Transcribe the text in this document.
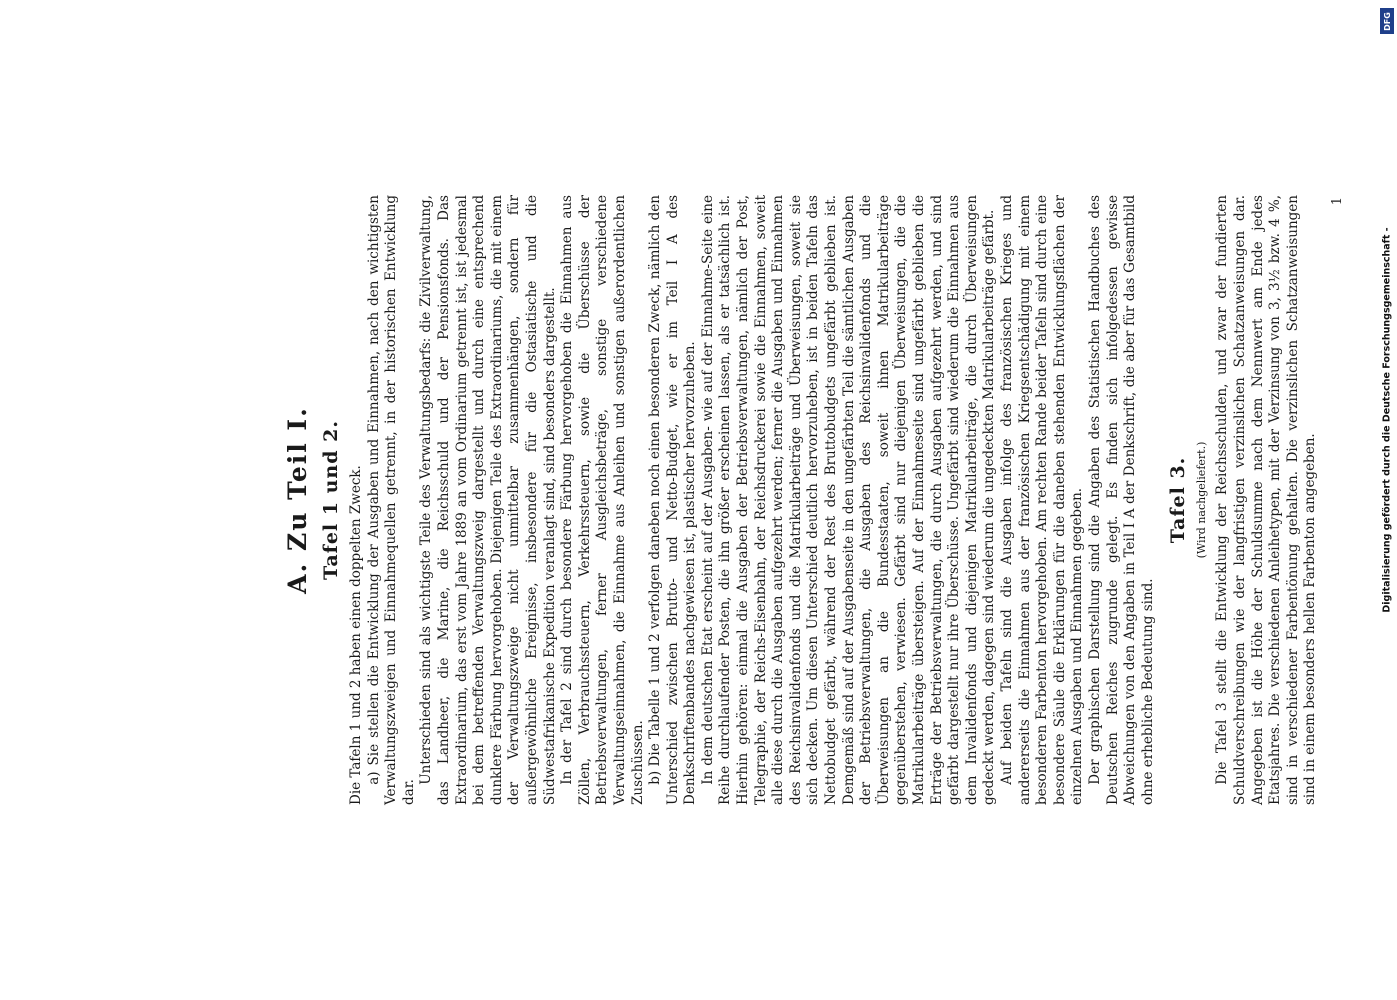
A. Zu Teil I. Tafel 1 und 2. Die Tafeln 1 und 2 haben einen doppelten Zweck. a) Sie stellen die Entwicklung der Ausgaben und Einnahmen, nach den wichtigsten Verwaltungszweigen und Einnahmequellen getrennt, in der historischen Entwicklung dar.

Unterschieden sind als wichtigste Teile des Verwaltungsbedarfs: die Zivilverwaltung, das Landheer, die Marine, die Reichsschuld und der Pensionsfonds. Das Extraordinarium, das erst vom Jahre 1889 an vom Ordinarium getrennt ist, ist jedesmal bei dem betreffenden Verwaltungszweig dargestellt und durch eine entsprechend dunklere Färbung hervorgehoben. Diejenigen Teile des Extraordinariums, die mit einem der Verwaltungszweige nicht unmittelbar zusammenhängen, sondern für außergewöhnliche Ereignisse, insbesondere für die Ostasiatische und die Südwestafrikanische Expedition veranlagt sind, sind besonders dargestellt. In der Tafel 2 sind durch besondere Färbung hervorgehoben die Einnahmen aus Zöllen, Verbrauchssteuern, Verkehrssteuern, sowie die Überschüsse der Betriebsverwaltungen, ferner Ausgleichsbeträge, sonstige verschiedene Verwaltungseinnahmen, die Einnahme aus Anleihen und sonstigen außerordentlichen Zuschüssen. b) Die Tabelle 1 und 2 verfolgen daneben noch einen besonderen Zweck, nämlich den Unterschied zwischen Brutto- und Netto-Budget, wie er im Teil I A des Denkschriftenbandes nachgewiesen ist, plastischer hervorzuheben. In dem deutschen Etat erscheint auf der Ausgaben- wie auf der Einnahme-Seite eine Reihe durchlaufender Posten, die ihn größer erscheinen lassen, als er tatsächlich ist. Hierhin gehören: einmal die Ausgaben der Betriebsverwaltungen, nämlich der Post, Telegraphie, der Reichs-Eisenbahn, der Reichsdruckerei sowie die Einnahmen, soweit alle diese durch die Ausgaben aufgezehrt werden; ferner die Ausgaben und Einnahmen des Reichsinvalidenfonds und die Matrikularbeiträge und Überweisungen, soweit sie sich decken. Um diesen Unterschied deutlich hervorzuheben, ist in beiden Tafeln das Nettobudget gefärbt, während der Rest des Bruttobudgets ungefärbt geblieben ist. Demgemäß sind auf der Ausgabenseite in den ungefärbten Teil die sämtlichen Ausgaben der Betriebsverwaltungen, die Ausgaben des Reichsinvalidenfonds und die Überweisungen an die Bundesstaaten, soweit ihnen Matrikularbeiträge gegenüberstehen, verwiesen. Gefärbt sind nur diejenigen Überweisungen, die die Matrikularbeiträge übersteigen. Auf der Einnahmeseite sind ungefärbt geblieben die Erträge der Betriebsverwaltungen, die durch Ausgaben aufgezehrt werden, und sind gefärbt dargestellt nur ihre Überschüsse. Ungefärbt sind wiederum die Einnahmen aus dem Invalidenfonds und diejenigen Matrikularbeiträge, die durch Überweisungen gedeckt werden, dagegen sind wiederum die ungedeckten Matrikularbeiträge gefärbt. Auf beiden Tafeln sind die Ausgaben infolge des französischen Krieges und andererseits die Einnahmen aus der französischen Kriegsentschädigung mit einem besonderen Farbenton hervorgehoben. Am rechten Rande beider Tafeln sind durch eine besondere Säule die Erklärungen für die daneben stehenden Entwicklungsflächen der einzelnen Ausgaben und Einnahmen gegeben. Der graphischen Darstellung sind die Angaben des Statistischen Handbuches des Deutschen Reiches zugrunde gelegt. Es finden sich infolgedessen gewisse Abweichungen von den Angaben in Teil I A der Denkschrift, die aber für das Gesamtbild ohne erhebliche Bedeutung sind.

Tafel 3. (Wird nachgeliefert.) Die Tafel 3 stellt die Entwicklung der Reichsschulden, und zwar der fundierten Schuldverschreibungen wie der langfristigen verzinslichen Schatzanweisungen dar. Angegeben ist die Höhe der Schuldsumme nach dem Nennwert am Ende jedes Etatsjahres. Die verschiedenen Anleihetypen, mit der Verzinsung von 3, 3½ bzw. 4 %, sind in verschiedener Farbentönung gehalten. Die verzinslichen Schatzanweisungen sind in einem besonders hellen Farbenton angegeben.

1
DFG
Digitalisierung gefördert durch die Deutsche Forschungsgemeinschaft -
